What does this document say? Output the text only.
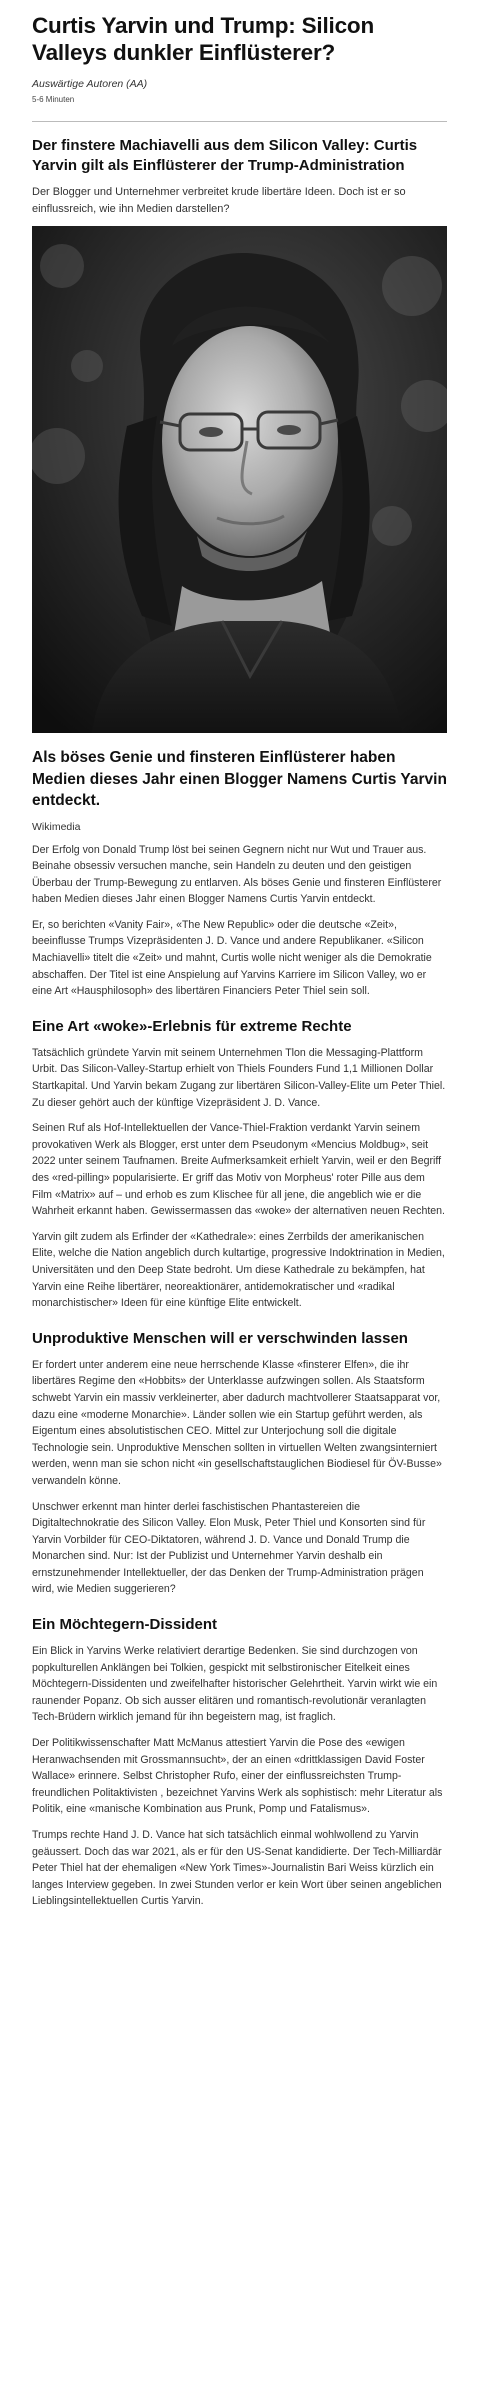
Curtis Yarvin und Trump: Silicon Valleys dunkler Einflüsterer?
Auswärtige Autoren (AA)
5-6 Minuten
Der finstere Machiavelli aus dem Silicon Valley: Curtis Yarvin gilt als Einflüsterer der Trump-Administration

Der Blogger und Unternehmer verbreitet krude libertäre Ideen. Doch ist er so einflussreich, wie ihn Medien darstellen?

Als böses Genie und finsteren Einflüsterer haben Medien dieses Jahr einen Blogger Namens Curtis Yarvin entdeckt.
Wikimedia

Der Erfolg von Donald Trump löst bei seinen Gegnern nicht nur Wut und Trauer aus. Beinahe obsessiv versuchen manche, sein Handeln zu deuten und den geistigen Überbau der Trump-Bewegung zu entlarven. Als böses Genie und finsteren Einflüsterer haben Medien dieses Jahr einen Blogger Namens Curtis Yarvin entdeckt.

Er, so berichten «Vanity Fair», «The New Republic» oder die deutsche «Zeit», beeinflusse Trumps Vizepräsidenten J. D. Vance und andere Republikaner. «Silicon Machiavelli» titelt die «Zeit» und mahnt, Curtis wolle nicht weniger als die Demokratie abschaffen. Der Titel ist eine Anspielung auf Yarvins Karriere im Silicon Valley, wo er eine Art «Hausphilosoph» des libertären Financiers Peter Thiel sein soll.

Eine Art «woke»-Erlebnis für extreme Rechte

Tatsächlich gründete Yarvin mit seinem Unternehmen Tlon die Messaging-Plattform Urbit. Das Silicon-Valley-Startup erhielt von Thiels Founders Fund 1,1 Millionen Dollar Startkapital. Und Yarvin bekam Zugang zur libertären Silicon-Valley-Elite um Peter Thiel. Zu dieser gehört auch der künftige Vizepräsident J. D. Vance.

Seinen Ruf als Hof-Intellektuellen der Vance-Thiel-Fraktion verdankt Yarvin seinem provokativen Werk als Blogger, erst unter dem Pseudonym «Mencius Moldbug», seit 2022 unter seinem Taufnamen. Breite Aufmerksamkeit erhielt Yarvin, weil er den Begriff des «red-pilling» popularisierte. Er griff das Motiv von Morpheus' roter Pille aus dem Film «Matrix» auf – und erhob es zum Klischee für all jene, die angeblich wie er die Wahrheit erkannt haben. Gewissermassen das «woke» der alternativen neuen Rechten.

Yarvin gilt zudem als Erfinder der «Kathedrale»: eines Zerrbilds der amerikanischen Elite, welche die Nation angeblich durch kultartige, progressive Indoktrination in Medien, Universitäten und den Deep State bedroht. Um diese Kathedrale zu bekämpfen, hat Yarvin eine Reihe libertärer, neoreaktionärer, antidemokratischer und «radikal monarchistischer» Ideen für eine künftige Elite entwickelt.

Unproduktive Menschen will er verschwinden lassen

Er fordert unter anderem eine neue herrschende Klasse «finsterer Elfen», die ihr libertäres Regime den «Hobbits» der Unterklasse aufzwingen sollen. Als Staatsform schwebt Yarvin ein massiv verkleinerter, aber dadurch machtvollerer Staatsapparat vor, dazu eine «moderne Monarchie». Länder sollen wie ein Startup geführt werden, als Eigentum eines absolutistischen CEO. Mittel zur Unterjochung soll die digitale Technologie sein. Unproduktive Menschen sollten in virtuellen Welten zwangsinterniert werden, wenn man sie schon nicht «in gesellschaftstauglichen Biodiesel für ÖV-Busse» verwandeln könne.

Unschwer erkennt man hinter derlei faschistischen Phantastereien die Digitaltechnokratie des Silicon Valley. Elon Musk, Peter Thiel und Konsorten sind für Yarvin Vorbilder für CEO-Diktatoren, während J. D. Vance und Donald Trump die Monarchen sind. Nur: Ist der Publizist und Unternehmer Yarvin deshalb ein ernstzunehmender Intellektueller, der das Denken der Trump-Administration prägen wird, wie Medien suggerieren?

Ein Möchtegern-Dissident

Ein Blick in Yarvins Werke relativiert derartige Bedenken. Sie sind durchzogen von popkulturellen Anklängen bei Tolkien, gespickt mit selbstironischer Eitelkeit eines Möchtegern-Dissidenten und zweifelhafter historischer Gelehrtheit. Yarvin wirkt wie ein raunender Popanz. Ob sich ausser elitären und romantisch-revolutionär veranlagten Tech-Brüdern wirklich jemand für ihn begeistern mag, ist fraglich.

Der Politikwissenschafter Matt McManus attestiert Yarvin die Pose des «ewigen Heranwachsenden mit Grossmannsucht», der an einen «drittklassigen David Foster Wallace» erinnere. Selbst Christopher Rufo, einer der einflussreichsten Trump-freundlichen Politaktivisten , bezeichnet Yarvins Werk als sophistisch: mehr Literatur als Politik, eine «manische Kombination aus Prunk, Pomp und Fatalismus».

Trumps rechte Hand J. D. Vance hat sich tatsächlich einmal wohlwollend zu Yarvin geäussert. Doch das war 2021, als er für den US-Senat kandidierte. Der Tech-Milliardär Peter Thiel hat der ehemaligen «New York Times»-Journalistin Bari Weiss kürzlich ein langes Interview gegeben. In zwei Stunden verlor er kein Wort über seinen angeblichen Lieblingsintellektuellen Curtis Yarvin.
